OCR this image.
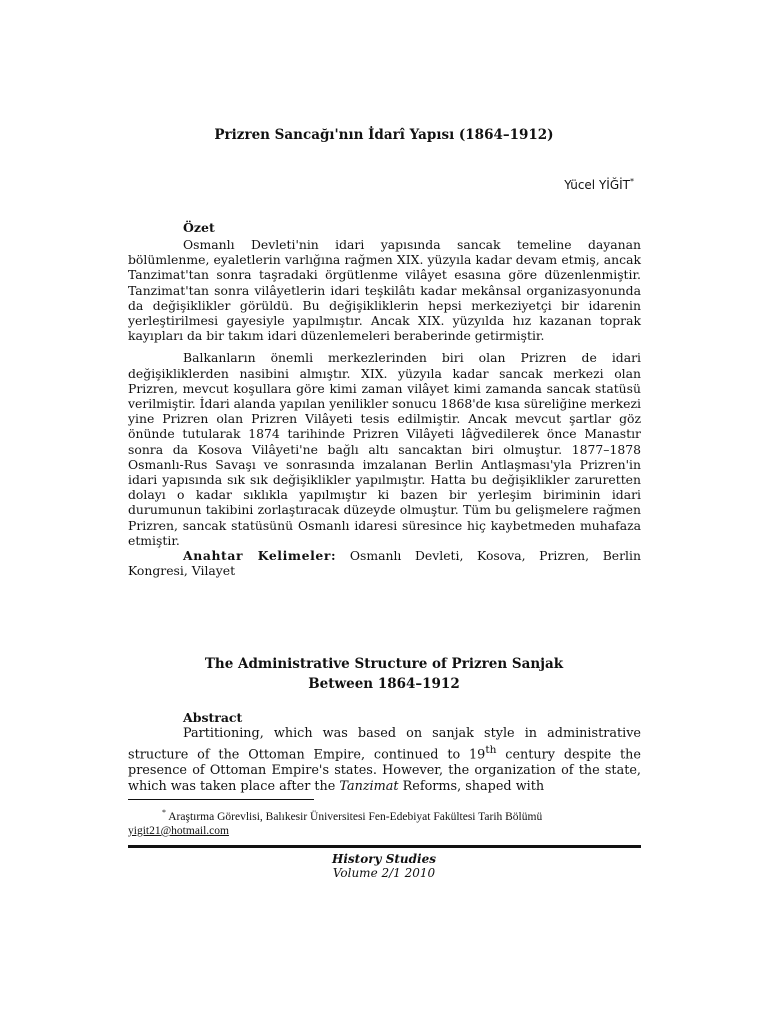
Prizren Sancağı'nın İdarî Yapısı (1864–1912)
Yücel YİĞİT*
Özet

Osmanlı Devleti'nin idari yapısında sancak temeline dayanan bölümlenme, eyaletlerin varlığına rağmen XIX. yüzyıla kadar devam etmiş, ancak Tanzimat'tan sonra taşradaki örgütlenme vilâyet esasına göre düzenlenmiştir. Tanzimat'tan sonra vilâyetlerin idari teşkilâtı kadar mekânsal organizasyonunda da değişiklikler görüldü. Bu değişikliklerin hepsi merkeziyetçi bir idarenin yerleştirilmesi gayesiyle yapılmıştır. Ancak XIX. yüzyılda hız kazanan toprak kayıpları da bir takım idari düzenlemeleri beraberinde getirmiştir.

Balkanların önemli merkezlerinden biri olan Prizren de idari değişikliklerden nasibini almıştır. XIX. yüzyıla kadar sancak merkezi olan Prizren, mevcut koşullara göre kimi zaman vilâyet kimi zamanda sancak statüsü verilmiştir. İdari alanda yapılan yenilikler sonucu 1868'de kısa süreliğine merkezi yine Prizren olan Prizren Vilâyeti tesis edilmiştir. Ancak mevcut şartlar göz önünde tutularak 1874 tarihinde Prizren Vilâyeti lâğvedilerek önce Manastır sonra da Kosova Vilâyeti'ne bağlı altı sancaktan biri olmuştur. 1877–1878 Osmanlı-Rus Savaşı ve sonrasında imzalanan Berlin Antlaşması'yla Prizren'in idari yapısında sık sık değişiklikler yapılmıştır. Hatta bu değişiklikler zaruretten dolayı o kadar sıklıkla yapılmıştır ki bazen bir yerleşim biriminin idari durumunun takibini zorlaştıracak düzeyde olmuştur. Tüm bu gelişmelere rağmen Prizren, sancak statüsünü Osmanlı idaresi süresince hiç kaybetmeden muhafaza etmiştir.

Anahtar Kelimeler: Osmanlı Devleti, Kosova, Prizren, Berlin Kongresi, Vilayet

The Administrative Structure of Prizren Sanjak
Between 1864–1912
Abstract

Partitioning, which was based on sanjak style in administrative structure of the Ottoman Empire, continued to 19th century despite the presence of Ottoman Empire's states. However, the organization of the state, which was taken place after the Tanzimat Reforms, shaped with

* Araştırma Görevlisi, Balıkesir Üniversitesi Fen-Edebiyat Fakültesi Tarih Bölümü
yigit21@hotmail.com
History Studies
Volume 2/1 2010
